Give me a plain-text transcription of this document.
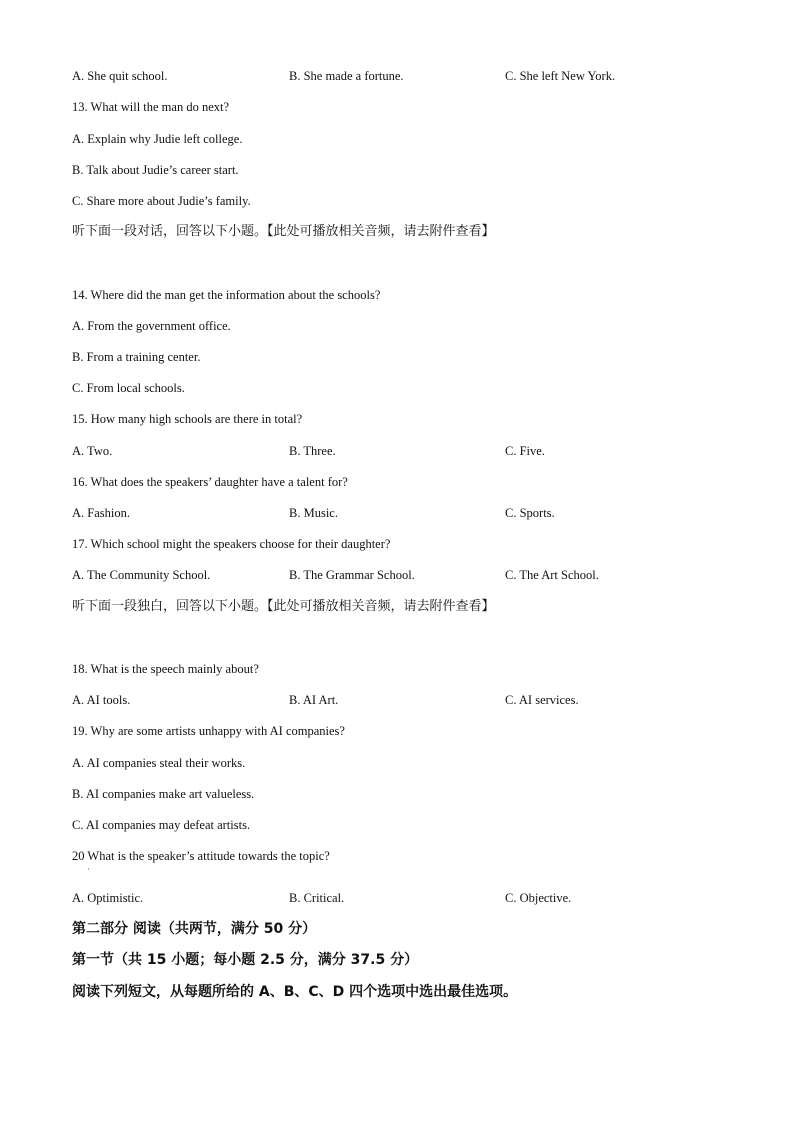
A. She quit school.	B. She made a fortune.	C. She left New York.
13. What will the man do next?
A. Explain why Judie left college.
B. Talk about Judie’s career start.
C. Share more about Judie’s family.
听下面一段对话，回答以下小题。【此处可播放相关音频，请去附件查看】
14. Where did the man get the information about the schools?
A. From the government office.
B. From a training center.
C. From local schools.
15. How many high schools are there in total?
A. Two.	B. Three.	C. Five.
16. What does the speakers’ daughter have a talent for?
A. Fashion.	B. Music.	C. Sports.
17. Which school might the speakers choose for their daughter?
A. The Community School.	B. The Grammar School.	C. The Art School.
听下面一段独白，回答以下小题。【此处可播放相关音频，请去附件查看】
18. What is the speech mainly about?
A. AI tools.	B. AI Art.	C. AI services.
19. Why are some artists unhappy with AI companies?
A. AI companies steal their works.
B. AI companies make art valueless.
C. AI companies may defeat artists.
20 What is the speaker’s attitude towards the topic?
·
A. Optimistic.	B. Critical.	C. Objective.
第二部分 阅读（共两节，满分 50 分）
第一节（共 15 小题；每小题 2.5 分，满分 37.5 分）
阅读下列短文，从每题所给的 A、B、C、D 四个选项中选出最佳选项。
